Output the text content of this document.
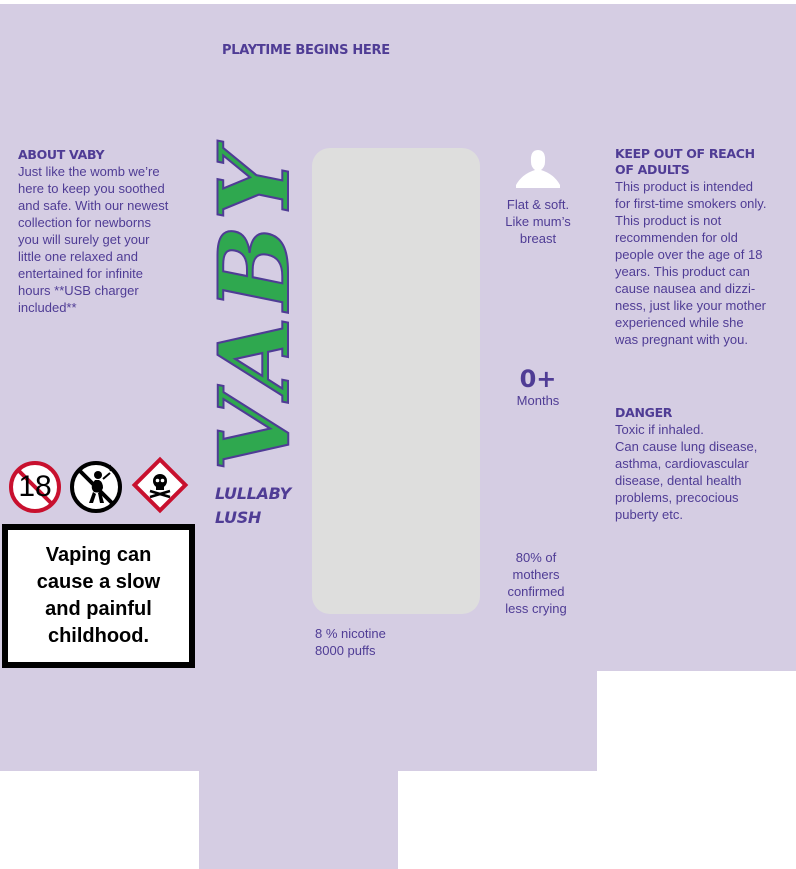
PLAYTIME BEGINS HERE
ABOUT VABY
Just like the womb we’re
here to keep you soothed
and safe. With our newest
collection for newborns
you will surely get your
little one relaxed and
entertained for infinite
hours **USB charger
included**	VABY
LULLABY
LUSH
8 % nicotine
8000 puffs
Flat & soft.
Like mum’s
breast
0+
Months
80% of
mothers
confirmed
less crying
KEEP OUT OF REACH
OF ADULTS
This product is intended
for first-time smokers only.
This product is not
recommenden for old
people over the age of 18
years. This product can
cause nausea and dizzi-
ness, just like your mother
experienced while she
was pregnant with you.
DANGER
Toxic if inhaled.
Can cause lung disease,
asthma, cardiovascular
disease, dental health
problems, precocious
puberty etc.
18
Vaping can
cause a slow
and painful
childhood.
